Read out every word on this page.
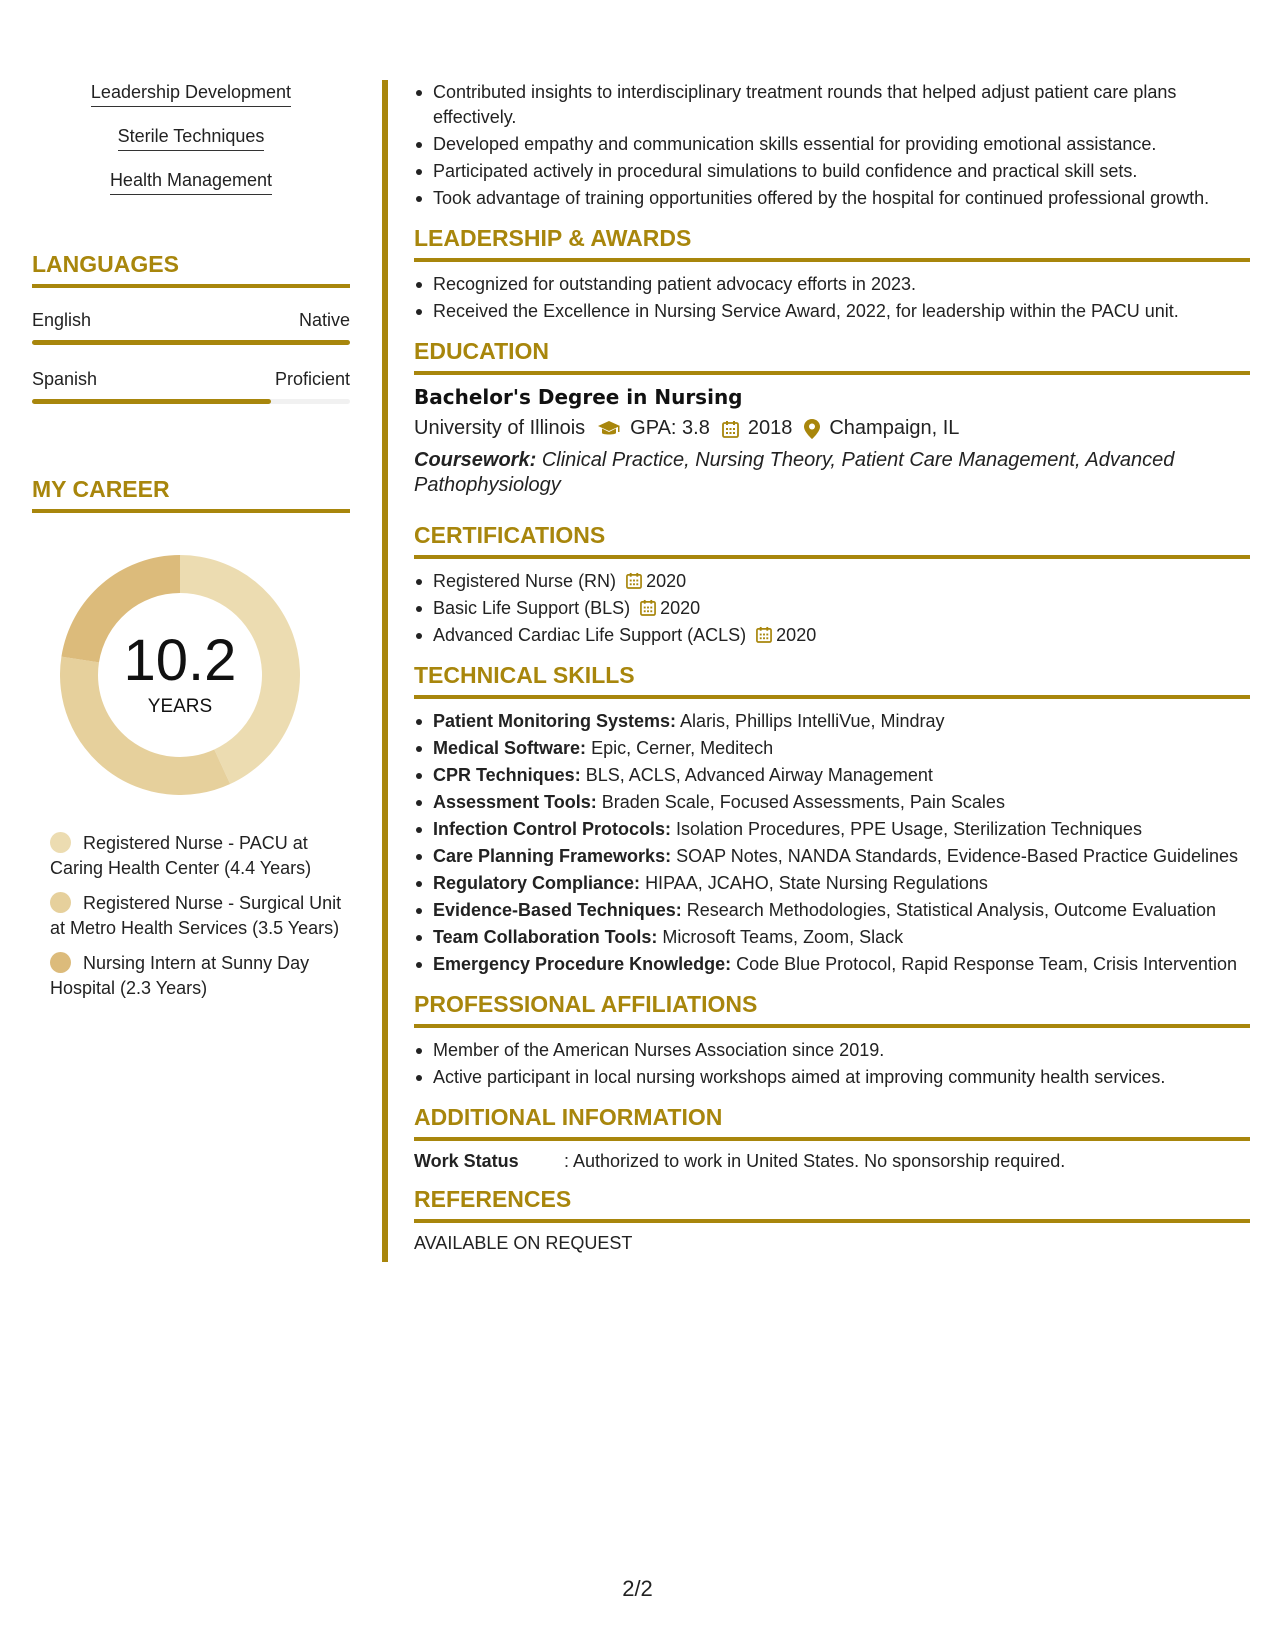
Leadership Development
Sterile Techniques
Health Management
LANGUAGES
English	Native
Spanish	Proficient
MY CAREER
10.2
YEARS
Registered Nurse - PACU at Caring Health Center (4.4 Years)
Registered Nurse - Surgical Unit at Metro Health Services (3.5 Years)
Nursing Intern at Sunny Day Hospital (2.3 Years)
Contributed insights to interdisciplinary treatment rounds that helped adjust patient care plans effectively.
Developed empathy and communication skills essential for providing emotional assistance.
Participated actively in procedural simulations to build confidence and practical skill sets.
Took advantage of training opportunities offered by the hospital for continued professional growth.
LEADERSHIP & AWARDS
Recognized for outstanding patient advocacy efforts in 2023.
Received the Excellence in Nursing Service Award, 2022, for leadership within the PACU unit.
EDUCATION
Bachelor's Degree in Nursing
University of Illinois GPA: 3.8 2018 Champaign, IL
Coursework: Clinical Practice, Nursing Theory, Patient Care Management, Advanced Pathophysiology
CERTIFICATIONS
Registered Nurse (RN) 2020
Basic Life Support (BLS) 2020
Advanced Cardiac Life Support (ACLS) 2020
TECHNICAL SKILLS
Patient Monitoring Systems: Alaris, Phillips IntelliVue, Mindray
Medical Software: Epic, Cerner, Meditech
CPR Techniques: BLS, ACLS, Advanced Airway Management
Assessment Tools: Braden Scale, Focused Assessments, Pain Scales
Infection Control Protocols: Isolation Procedures, PPE Usage, Sterilization Techniques
Care Planning Frameworks: SOAP Notes, NANDA Standards, Evidence-Based Practice Guidelines
Regulatory Compliance: HIPAA, JCAHO, State Nursing Regulations
Evidence-Based Techniques: Research Methodologies, Statistical Analysis, Outcome Evaluation
Team Collaboration Tools: Microsoft Teams, Zoom, Slack
Emergency Procedure Knowledge: Code Blue Protocol, Rapid Response Team, Crisis Intervention
PROFESSIONAL AFFILIATIONS
Member of the American Nurses Association since 2019.
Active participant in local nursing workshops aimed at improving community health services.
ADDITIONAL INFORMATION
Work Status	: Authorized to work in United States. No sponsorship required.
REFERENCES
AVAILABLE ON REQUEST
2/2
